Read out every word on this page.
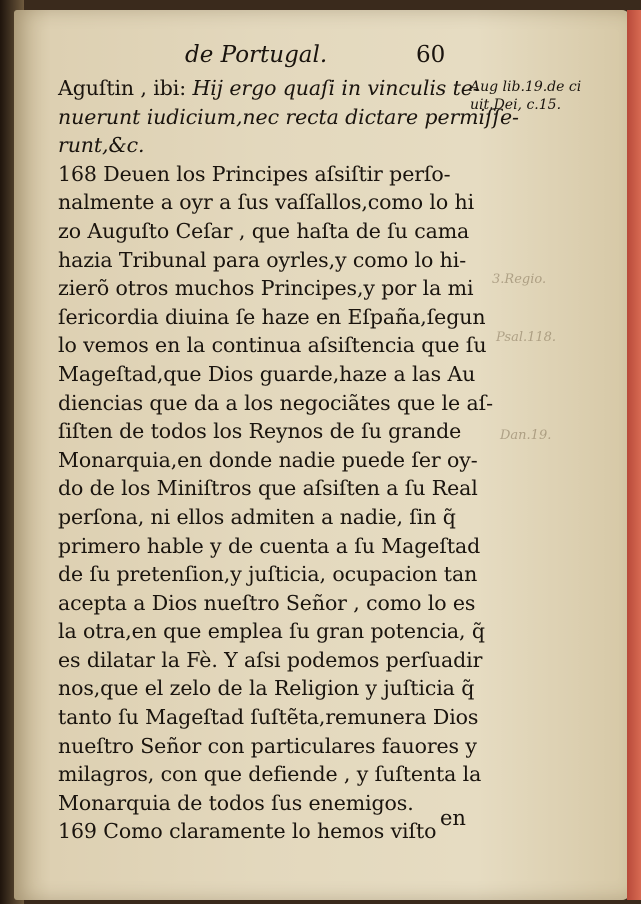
de Portugal.	60
Aug lib.19.de ci
uit.Dei, c.15.
3.Regio.
Psal.118.
Dan.19.
Aguſtin , ibi: Hij ergo quaſi in vinculis te-
nuerunt iudicium,nec recta dictare permiſſe-
runt,&c.
168 Deuen los Principes aſsiſtir perſo-
nalmente a oyr a ſus vaſſallos,como lo hi
zo Auguſto Ceſar , que haſta de ſu cama
hazia Tribunal para oyrles,y como lo hi-
zierõ otros muchos Principes,y por la mi
ſericordia diuina ſe haze en Eſpaña,ſegun
lo vemos en la continua aſsiſtencia que ſu
Mageſtad,que Dios guarde,haze a las Au
diencias que da a los negociãtes que le aſ-
ſiſten de todos los Reynos de ſu grande
Monarquia,en donde nadie puede ſer oy-
do de los Miniſtros que aſsiſten a ſu Real
perſona, ni ellos admiten a nadie, ſin q̃
primero hable y de cuenta a ſu Mageſtad
de ſu pretenſion,y juſticia, ocupacion tan
acepta a Dios nueſtro Señor , como lo es
la otra,en que emplea ſu gran potencia, q̃
es dilatar la Fè. Y aſsi podemos perſuadir
nos,que el zelo de la Religion y juſticia q̃
tanto ſu Mageſtad ſuſtẽta,remunera Dios
nueſtro Señor con particulares fauores y
milagros, con que defiende , y ſuſtenta la
Monarquia de todos ſus enemigos.
169 Como claramente lo hemos viſto
en
